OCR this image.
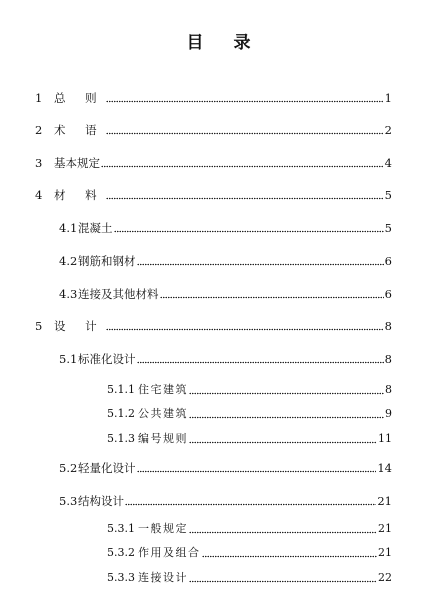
目 录
1	总 则	1
2	术 语	2
3	基本规定	4
4	材 料	5
4.1 混凝土	5
4.2 钢筋和钢材	6
4.3 连接及其他材料	6
5	设 计	8
5.1 标准化设计	8
5.1.1 住宅建筑	8
5.1.2 公共建筑	9
5.1.3 编号规则	11
5.2 轻量化设计	14
5.3 结构设计	21
5.3.1 一般规定	21
5.3.2 作用及组合	21
5.3.3 连接设计	22
